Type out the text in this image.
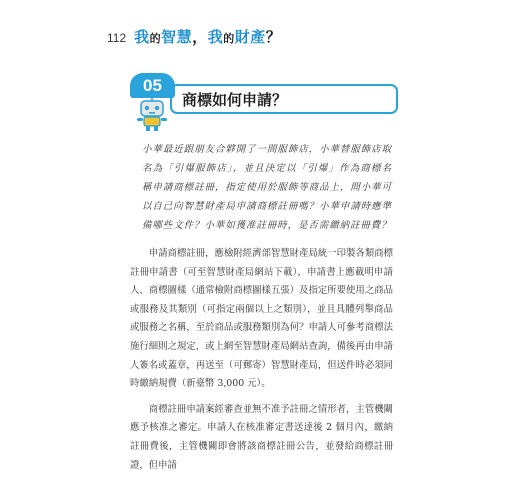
112 我的智慧，我的財產？
05
商標如何申請？

小華最近跟朋友合夥開了一間服飾店，小華替服飾店取名為「引爆服飾店」，並且決定以「引爆」作為商標名稱申請商標註冊，指定使用於服飾等商品上，問小華可以自己向智慧財產局申請商標註冊嗎？小華申請時應準備哪些文件？小華如獲准註冊時，是否需繳納註冊費？

申請商標註冊，應檢附經濟部智慧財產局統一印製各類商標註冊申請書（可至智慧財產局網站下載），申請書上應載明申請人、商標圖樣（通常檢附商標圖樣五張）及指定所要使用之商品或服務及其類別（可指定兩個以上之類別），並且具體列舉商品或服務之名稱，至於商品或服務類別為何？申請人可參考商標法施行細則之規定，或上網至智慧財產局網站查詢，備後再由申請人簽名或蓋章，再送至（可郵寄）智慧財產局，但送件時必須同時繳納規費（新臺幣 3,000 元）。

商標註冊申請案經審查並無不准予註冊之情形者，主管機關應予核准之審定。申請人在核准審定書送達後 2 個月內，繳納註冊費後，主管機關即會將該商標註冊公告，並發給商標註冊證，但申請
